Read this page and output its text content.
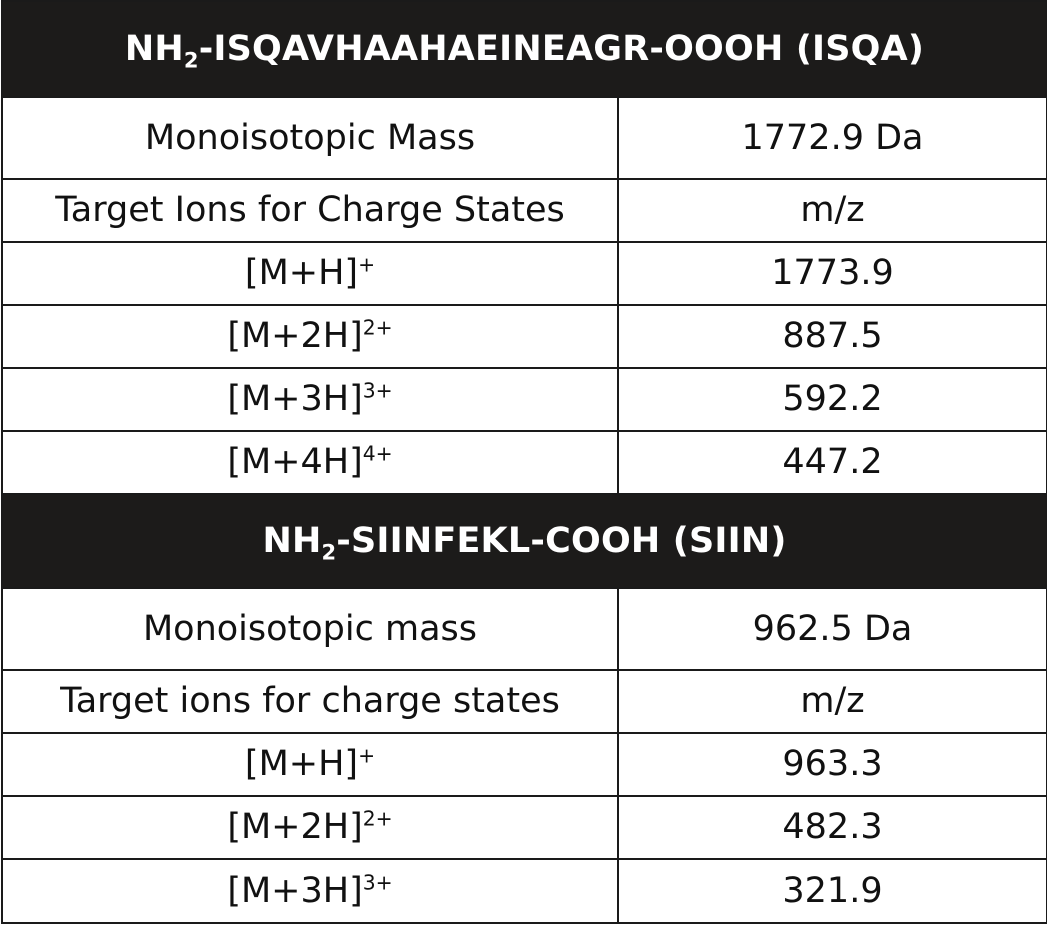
$NH_2-ISQAVHAAHAEINEAGR$-OOOH (ISQA)	
Monoisotopic Mass	1772.9 Da
Target Ions for Charge States	m/z
[M+H]+	1773.9
$[M+2H]^{2+}$	887.5
$[M+3H]^{3+}$	592.2
$[M+4H]^{4+}$	447.2
$NH_2-SIINFEKL$-COOH (SIIN)	
Monoisotopic mass	962.5 Da
Target ions for charge states	m/z
[M+H]+	963.3
$[M+2H]^{2+}$	482.3
$[M+3H]^{3+}$	321.9
